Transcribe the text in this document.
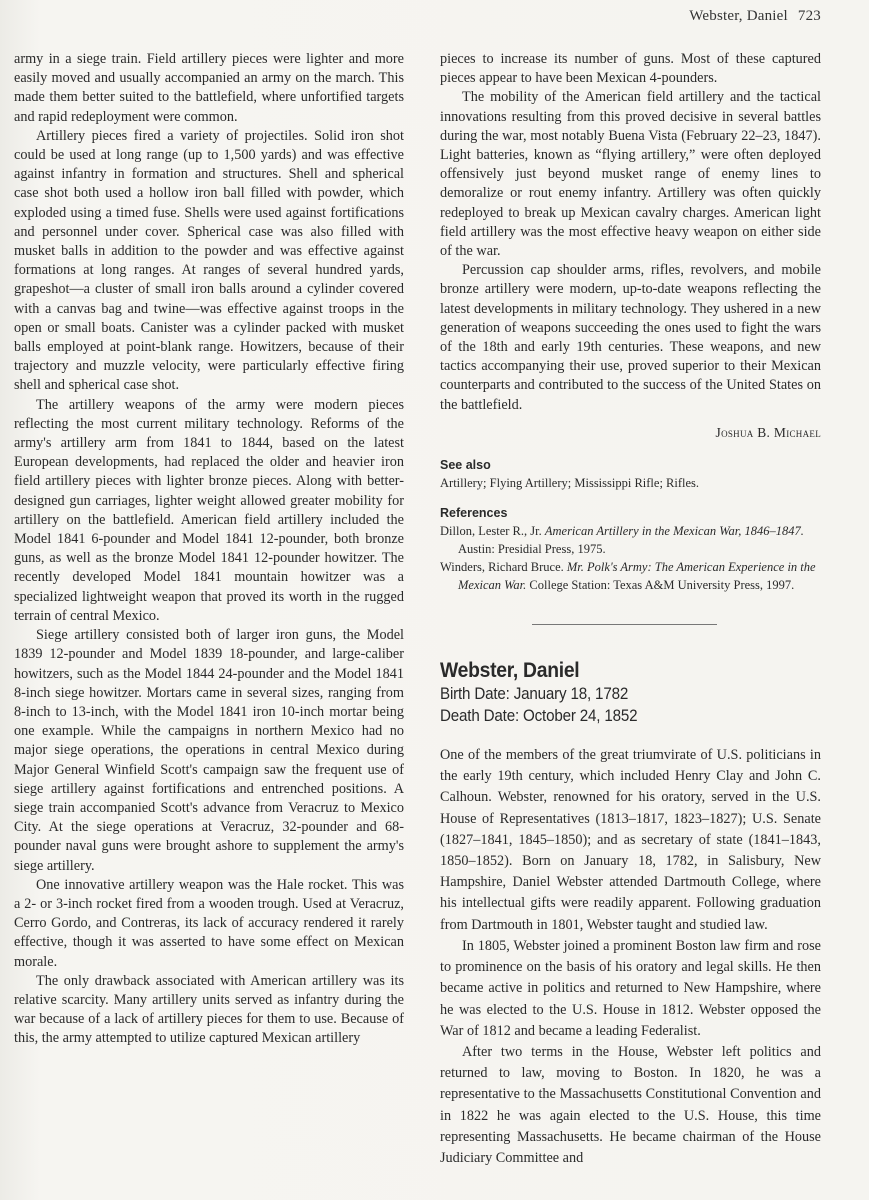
Webster, Daniel 723

army in a siege train. Field artillery pieces were lighter and more easily moved and usually accompanied an army on the march. This made them better suited to the battlefield, where unfortified targets and rapid redeployment were common.

Artillery pieces fired a variety of projectiles. Solid iron shot could be used at long range (up to 1,500 yards) and was effective against infantry in formation and structures. Shell and spherical case shot both used a hollow iron ball filled with powder, which exploded using a timed fuse. Shells were used against fortifications and personnel under cover. Spherical case was also filled with musket balls in addition to the powder and was effective against formations at long ranges. At ranges of several hundred yards, grapeshot—a cluster of small iron balls around a cylinder covered with a canvas bag and twine—was effective against troops in the open or small boats. Canister was a cylinder packed with musket balls employed at point-blank range. Howitzers, because of their trajectory and muzzle velocity, were particularly effective firing shell and spherical case shot.

The artillery weapons of the army were modern pieces reflecting the most current military technology. Reforms of the army's artillery arm from 1841 to 1844, based on the latest European developments, had replaced the older and heavier iron field artillery pieces with lighter bronze pieces. Along with better-designed gun carriages, lighter weight allowed greater mobility for artillery on the battlefield. American field artillery included the Model 1841 6-pounder and Model 1841 12-pounder, both bronze guns, as well as the bronze Model 1841 12-pounder howitzer. The recently developed Model 1841 mountain howitzer was a specialized lightweight weapon that proved its worth in the rugged terrain of central Mexico.

Siege artillery consisted both of larger iron guns, the Model 1839 12-pounder and Model 1839 18-pounder, and large-caliber howitzers, such as the Model 1844 24-pounder and the Model 1841 8-inch siege howitzer. Mortars came in several sizes, ranging from 8-inch to 13-inch, with the Model 1841 iron 10-inch mortar being one example. While the campaigns in northern Mexico had no major siege operations, the operations in central Mexico during Major General Winfield Scott's campaign saw the frequent use of siege artillery against fortifications and entrenched positions. A siege train accompanied Scott's advance from Veracruz to Mexico City. At the siege operations at Veracruz, 32-pounder and 68-pounder naval guns were brought ashore to supplement the army's siege artillery.

One innovative artillery weapon was the Hale rocket. This was a 2- or 3-inch rocket fired from a wooden trough. Used at Veracruz, Cerro Gordo, and Contreras, its lack of accuracy rendered it rarely effective, though it was asserted to have some effect on Mexican morale.

The only drawback associated with American artillery was its relative scarcity. Many artillery units served as infantry during the war because of a lack of artillery pieces for them to use. Because of this, the army attempted to utilize captured Mexican artillery

pieces to increase its number of guns. Most of these captured pieces appear to have been Mexican 4-pounders.

The mobility of the American field artillery and the tactical innovations resulting from this proved decisive in several battles during the war, most notably Buena Vista (February 22–23, 1847). Light batteries, known as “flying artillery,” were often deployed offensively just beyond musket range of enemy lines to demoralize or rout enemy infantry. Artillery was often quickly redeployed to break up Mexican cavalry charges. American light field artillery was the most effective heavy weapon on either side of the war.

Percussion cap shoulder arms, rifles, revolvers, and mobile bronze artillery were modern, up-to-date weapons reflecting the latest developments in military technology. They ushered in a new generation of weapons succeeding the ones used to fight the wars of the 18th and early 19th centuries. These weapons, and new tactics accompanying their use, proved superior to their Mexican counterparts and contributed to the success of the United States on the battlefield.

Joshua B. Michael
See also
Artillery; Flying Artillery; Mississippi Rifle; Rifles.
References
Dillon, Lester R., Jr. American Artillery in the Mexican War, 1846–1847. Austin: Presidial Press, 1975.
Winders, Richard Bruce. Mr. Polk's Army: The American Experience in the Mexican War. College Station: Texas A&M University Press, 1997.
Webster, Daniel
Birth Date: January 18, 1782
Death Date: October 24, 1852

One of the members of the great triumvirate of U.S. politicians in the early 19th century, which included Henry Clay and John C. Calhoun. Webster, renowned for his oratory, served in the U.S. House of Representatives (1813–1817, 1823–1827); U.S. Senate (1827–1841, 1845–1850); and as secretary of state (1841–1843, 1850–1852). Born on January 18, 1782, in Salisbury, New Hampshire, Daniel Webster attended Dartmouth College, where his intellectual gifts were readily apparent. Following graduation from Dartmouth in 1801, Webster taught and studied law.

In 1805, Webster joined a prominent Boston law firm and rose to prominence on the basis of his oratory and legal skills. He then became active in politics and returned to New Hampshire, where he was elected to the U.S. House in 1812. Webster opposed the War of 1812 and became a leading Federalist.

After two terms in the House, Webster left politics and returned to law, moving to Boston. In 1820, he was a representative to the Massachusetts Constitutional Convention and in 1822 he was again elected to the U.S. House, this time representing Massachusetts. He became chairman of the House Judiciary Committee and
